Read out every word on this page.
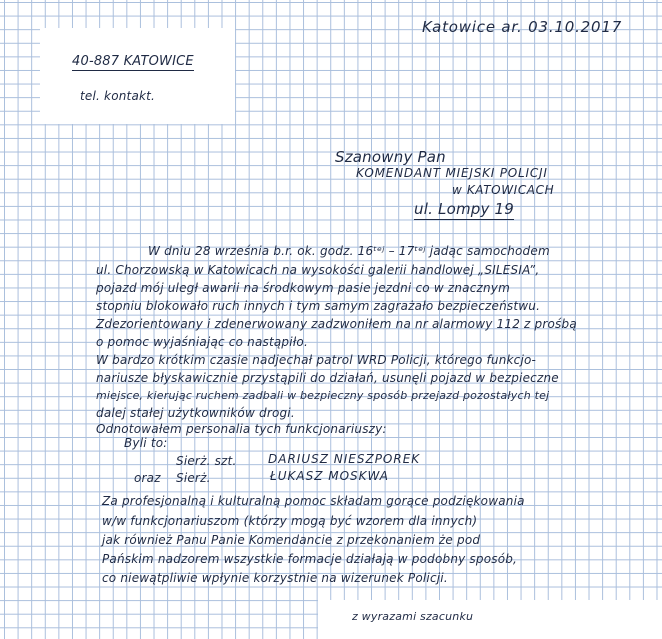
Katowice ar. 03.10.2017

40-887 KATOWICE

tel. kontakt.

Szanowny Pan

KOMENDANT MIEJSKI POLICJI

w KATOWICACH

ul. Lompy 19

W dniu 28 września b.r. ok. godz. 16ᵗᵉʲ – 17ᵗᵉʲ jadąc samochodem

ul. Chorzowską w Katowicach na wysokości galerii handlowej „SILESIA”,

pojazd mój uległ awarii na środkowym pasie jezdni co w znacznym

stopniu blokowało ruch innych i tym samym zagrażało bezpieczeństwu.

Zdezorientowany i zdenerwowany zadzwoniłem na nr alarmowy 112 z prośbą

o pomoc wyjaśniając co nastąpiło.

W bardzo krótkim czasie nadjechał patrol WRD Policji, którego funkcjo-

nariusze błyskawicznie przystąpili do działań, usunęli pojazd w bezpieczne

miejsce, kierując ruchem zadbali w bezpieczny sposób przejazd pozostałych tej

dalej stałej użytkowników drogi.

Odnotowałem personalia tych funkcjonariuszy:

Byli to:

Sierż. szt.	DARIUSZ NIESZPOREK

oraz Sierż.	ŁUKASZ MOSKWA

Za profesjonalną i kulturalną pomoc składam gorące podziękowania

w/w funkcjonariuszom (którzy mogą być wzorem dla innych)

jak również Panu Panie Komendancie z przekonaniem że pod

Pańskim nadzorem wszystkie formacje działają w podobny sposób,

co niewątpliwie wpłynie korzystnie na wizerunek Policji.

z wyrazami szacunku
